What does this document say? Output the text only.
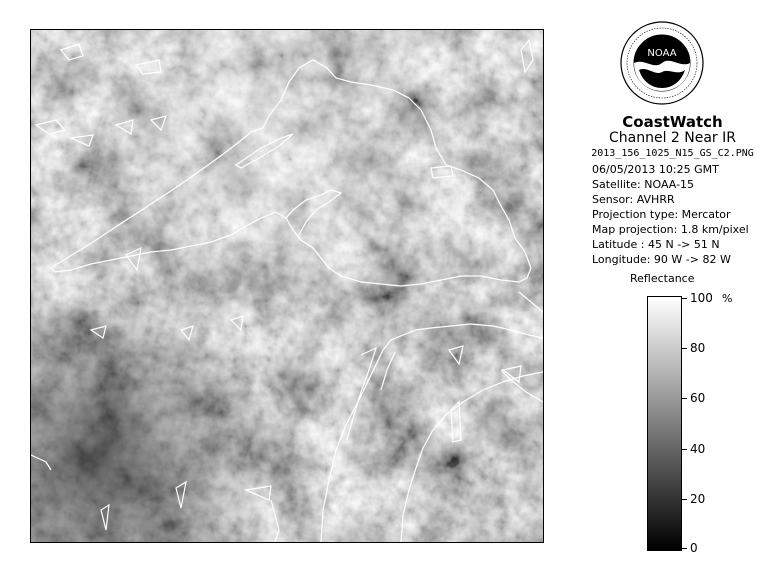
NOAA
CoastWatch
Channel 2 Near IR
2013_156_1025_N15_GS_C2.PNG
06/05/2013 10:25 GMT
Satellite: NOAA-15
Sensor: AVHRR
Projection type: Mercator
Map projection: 1.8 km/pixel
Latitude : 45 N -> 51 N
Longitude: 90 W -> 82 W
Reflectance
%
100
80
60
40
20
0
